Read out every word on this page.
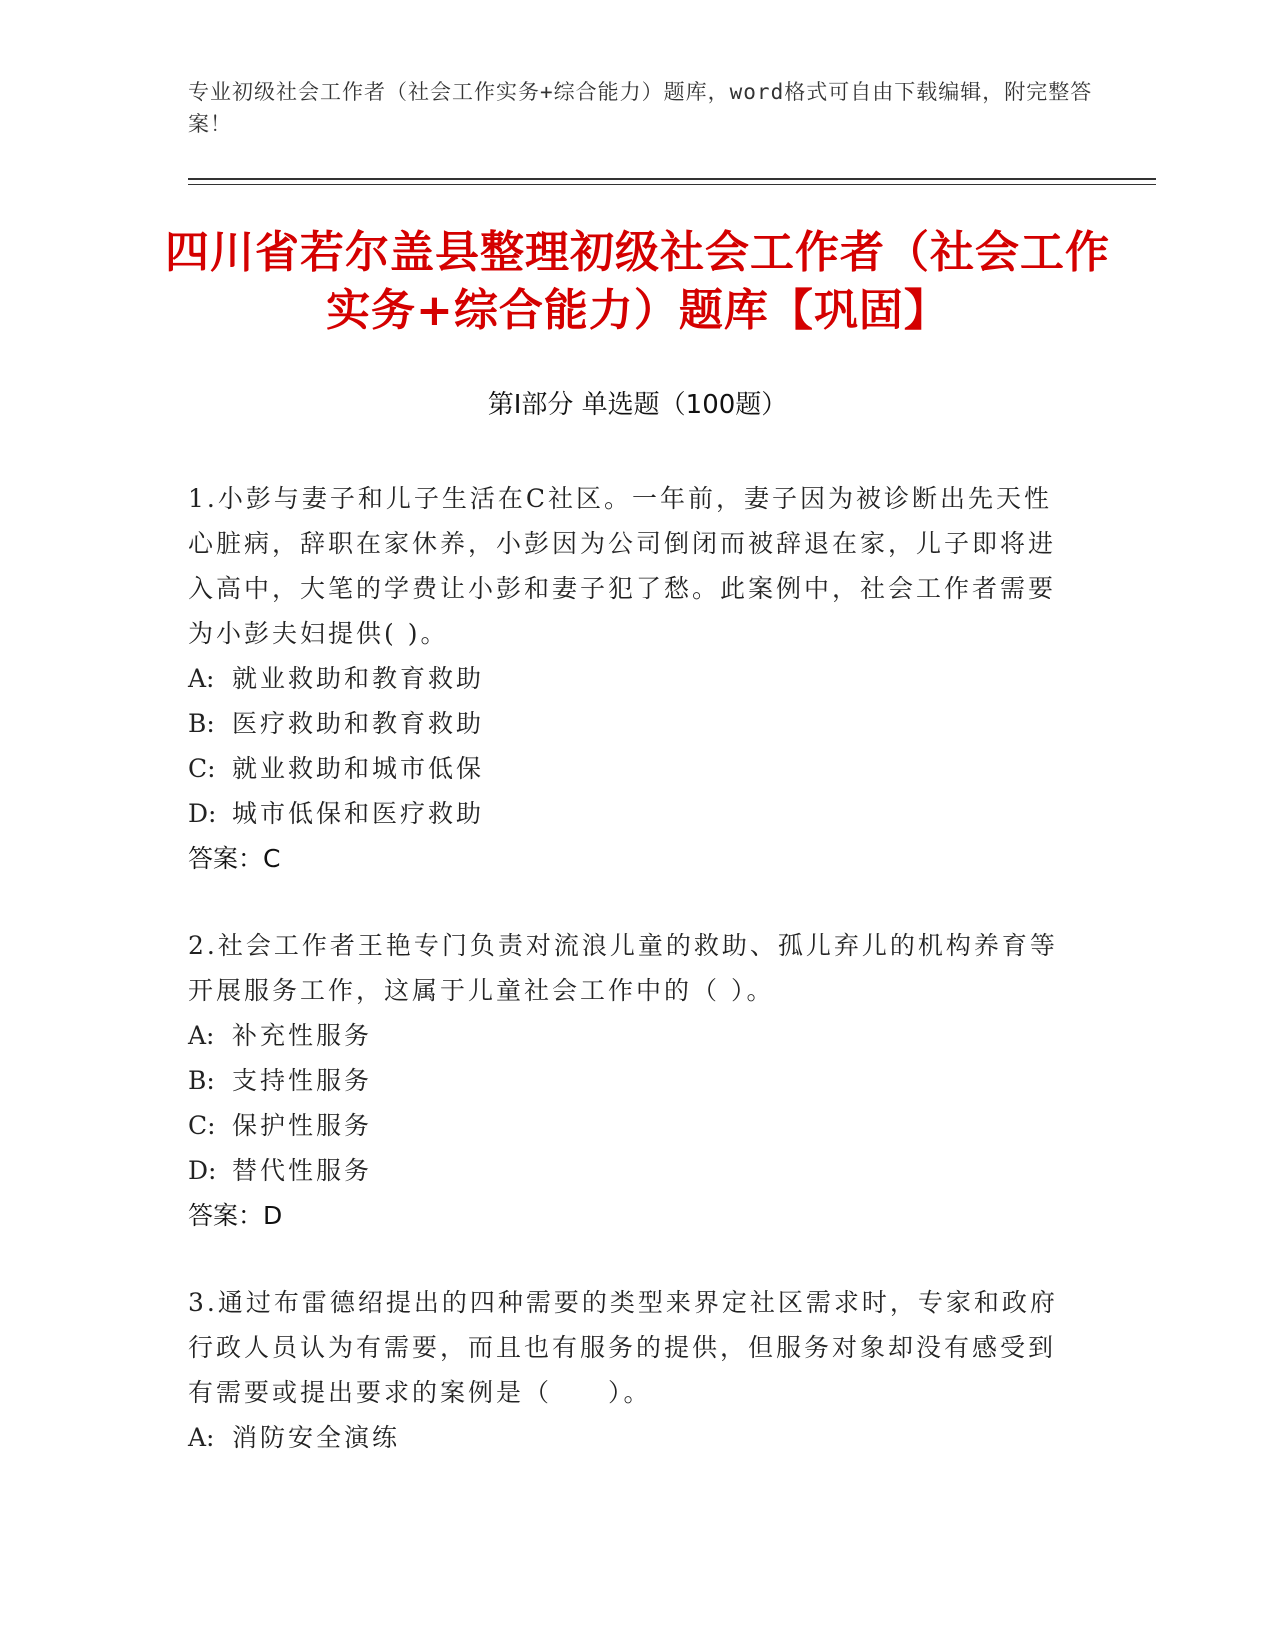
专业初级社会工作者（社会工作实务+综合能力）题库，word格式可自由下载编辑，附完整答案！
四川省若尔盖县整理初级社会工作者（社会工作实务+综合能力）题库【巩固】
第Ⅰ部分 单选题（100题）
1.小彭与妻子和儿子生活在C社区。一年前，妻子因为被诊断出先天性心脏病，辞职在家休养，小彭因为公司倒闭而被辞退在家，儿子即将进入高中，大笔的学费让小彭和妻子犯了愁。此案例中，社会工作者需要为小彭夫妇提供( )。
A: 就业救助和教育救助
B: 医疗救助和教育救助
C: 就业救助和城市低保
D: 城市低保和医疗救助
答案：C
2.社会工作者王艳专门负责对流浪儿童的救助、孤儿弃儿的机构养育等开展服务工作，这属于儿童社会工作中的（ ）。
A: 补充性服务
B: 支持性服务
C: 保护性服务
D: 替代性服务
答案：D
3.通过布雷德绍提出的四种需要的类型来界定社区需求时，专家和政府行政人员认为有需要，而且也有服务的提供，但服务对象却没有感受到有需要或提出要求的案例是（　　）。
A: 消防安全演练
